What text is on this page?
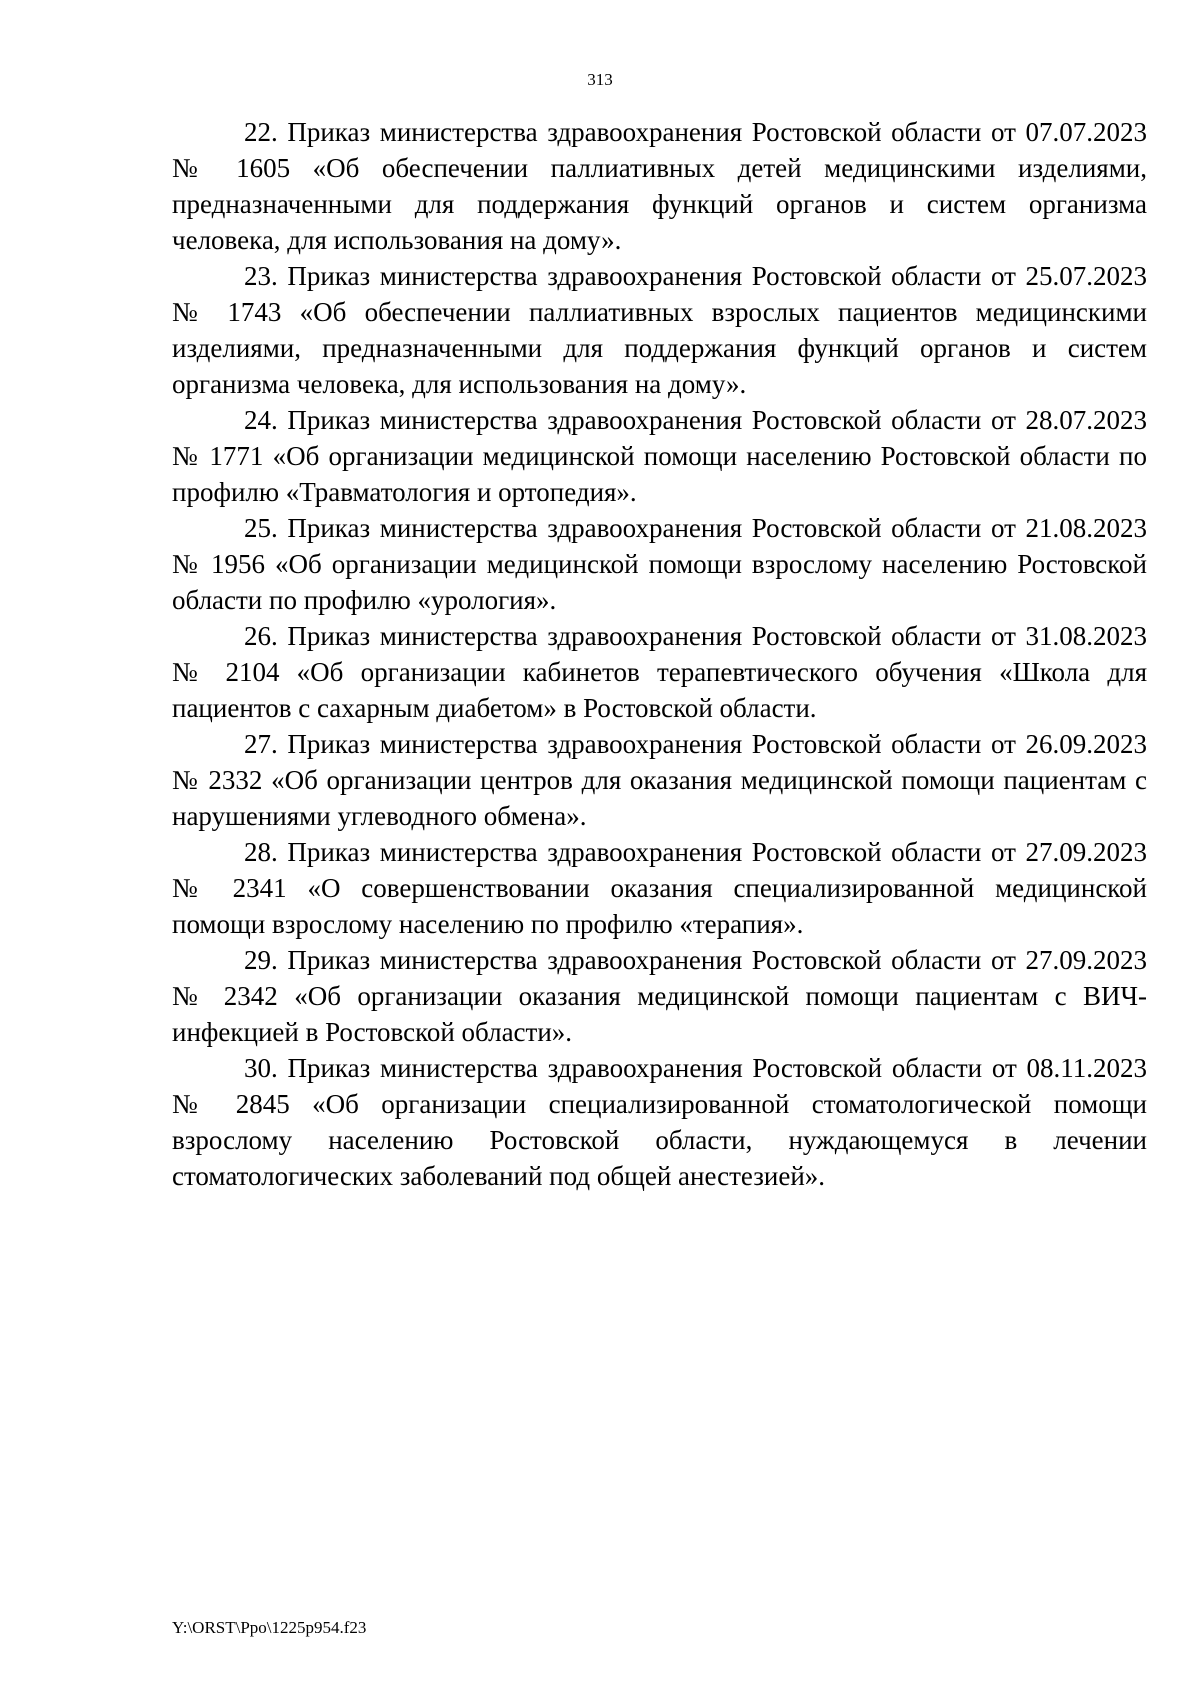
313

22. Приказ министерства здравоохранения Ростовской области от 07.07.2023 № 1605 «Об обеспечении паллиативных детей медицинскими изделиями, предназначенными для поддержания функций органов и систем организма человека, для использования на дому».

23. Приказ министерства здравоохранения Ростовской области от 25.07.2023 № 1743 «Об обеспечении паллиативных взрослых пациентов медицинскими изделиями, предназначенными для поддержания функций органов и систем организма человека, для использования на дому».

24. Приказ министерства здравоохранения Ростовской области от 28.07.2023 № 1771 «Об организации медицинской помощи населению Ростовской области по профилю «Травматология и ортопедия».

25. Приказ министерства здравоохранения Ростовской области от 21.08.2023 № 1956 «Об организации медицинской помощи взрослому населению Ростовской области по профилю «урология».

26. Приказ министерства здравоохранения Ростовской области от 31.08.2023 № 2104 «Об организации кабинетов терапевтического обучения «Школа для пациентов с сахарным диабетом» в Ростовской области.

27. Приказ министерства здравоохранения Ростовской области от 26.09.2023 № 2332 «Об организации центров для оказания медицинской помощи пациентам с нарушениями углеводного обмена».

28. Приказ министерства здравоохранения Ростовской области от 27.09.2023 № 2341 «О совершенствовании оказания специализированной медицинской помощи взрослому населению по профилю «терапия».

29. Приказ министерства здравоохранения Ростовской области от 27.09.2023 № 2342 «Об организации оказания медицинской помощи пациентам с ВИЧ-инфекцией в Ростовской области».

30. Приказ министерства здравоохранения Ростовской области от 08.11.2023 № 2845 «Об организации специализированной стоматологической помощи взрослому населению Ростовской области, нуждающемуся в лечении стоматологических заболеваний под общей анестезией».

Y:\ORST\Ppo\1225p954.f23
